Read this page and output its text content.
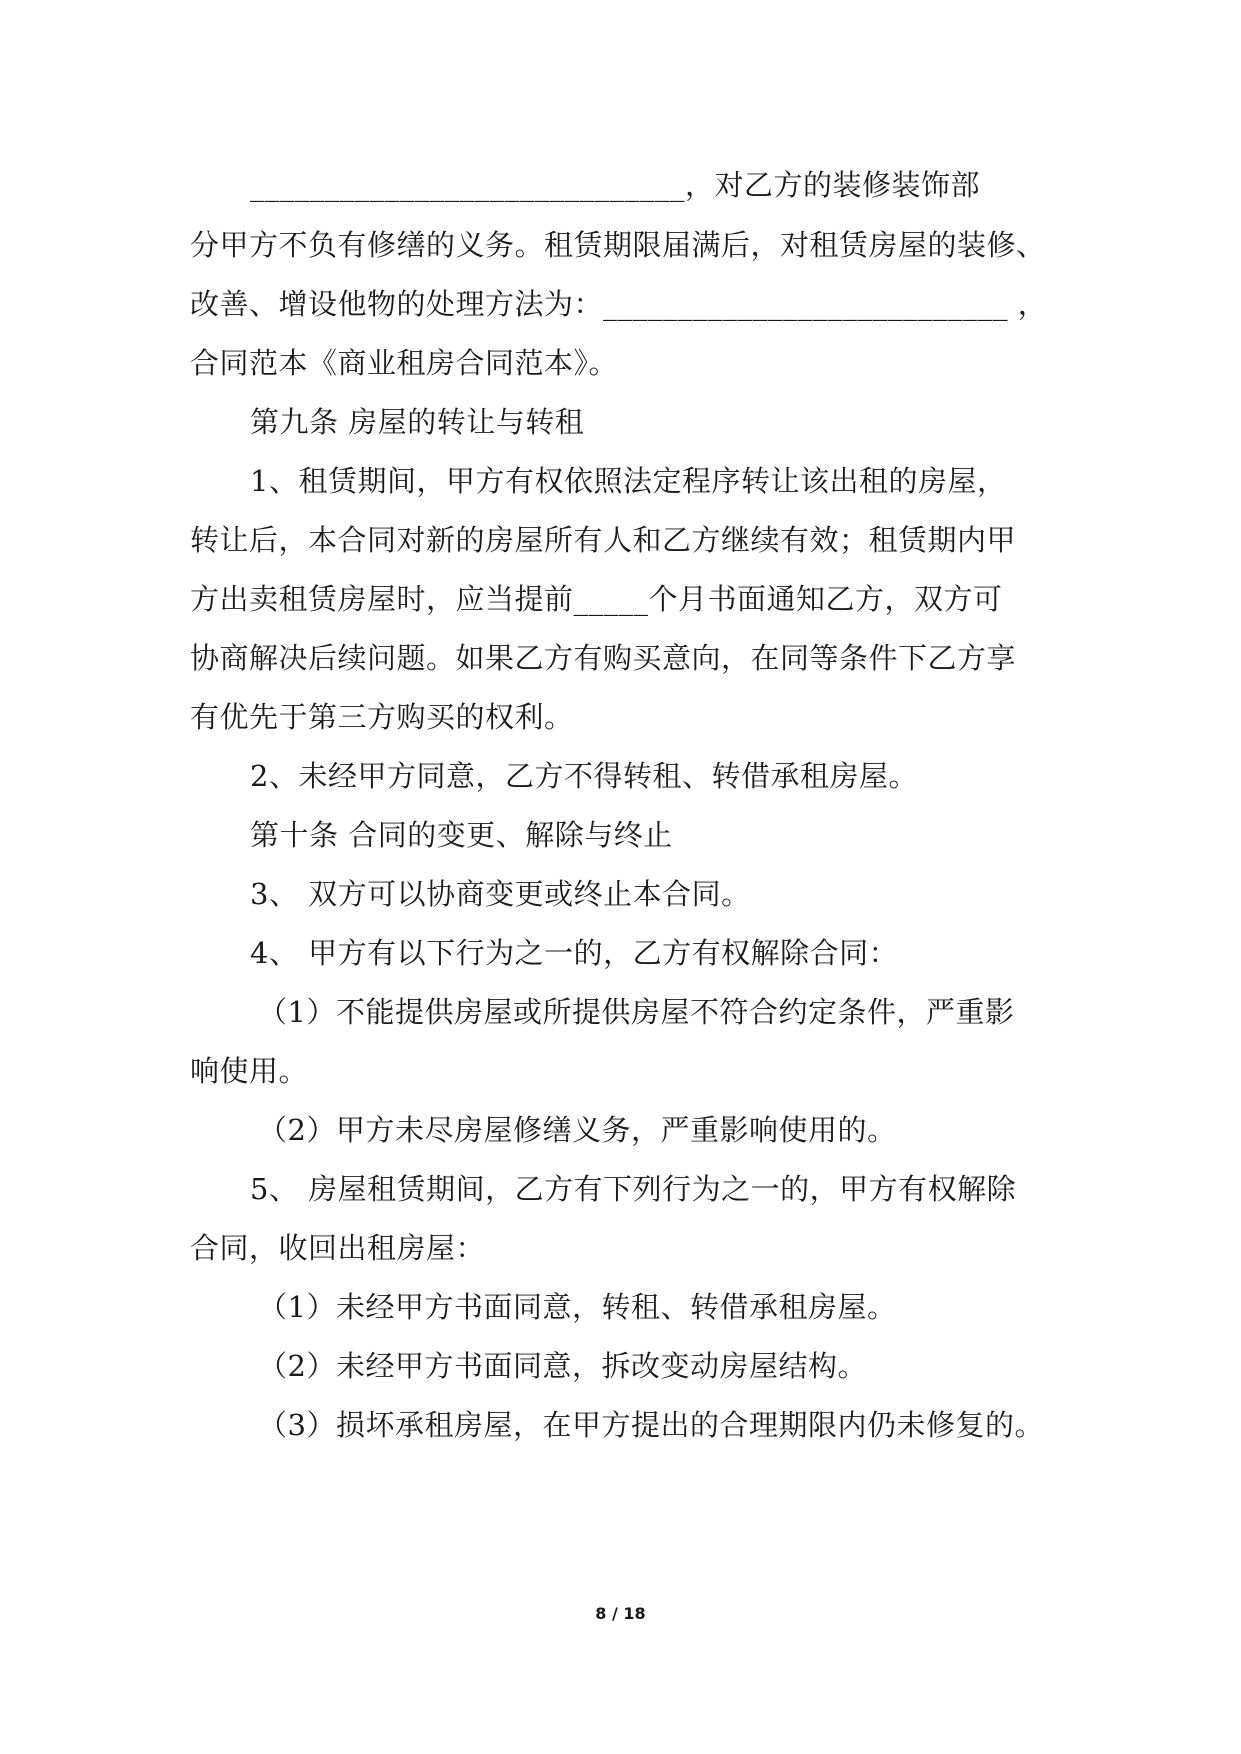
_____________________________，对乙方的装修装饰部
分甲方不负有修缮的义务。租赁期限届满后，对租赁房屋的装修、
改善、增设他物的处理方法为：___________________________ ，
合同范本《商业租房合同范本》。
第九条 房屋的转让与转租
1、租赁期间，甲方有权依照法定程序转让该出租的房屋，
转让后，本合同对新的房屋所有人和乙方继续有效；租赁期内甲
方出卖租赁房屋时，应当提前_____个月书面通知乙方，双方可
协商解决后续问题。如果乙方有购买意向，在同等条件下乙方享
有优先于第三方购买的权利。
2、未经甲方同意，乙方不得转租、转借承租房屋。
第十条 合同的变更、解除与终止
3、 双方可以协商变更或终止本合同。
4、 甲方有以下行为之一的，乙方有权解除合同：
（1）不能提供房屋或所提供房屋不符合约定条件，严重影
响使用。
（2）甲方未尽房屋修缮义务，严重影响使用的。
5、 房屋租赁期间，乙方有下列行为之一的，甲方有权解除
合同，收回出租房屋：
（1）未经甲方书面同意，转租、转借承租房屋。
（2）未经甲方书面同意，拆改变动房屋结构。
（3）损坏承租房屋，在甲方提出的合理期限内仍未修复的。
8 / 18
